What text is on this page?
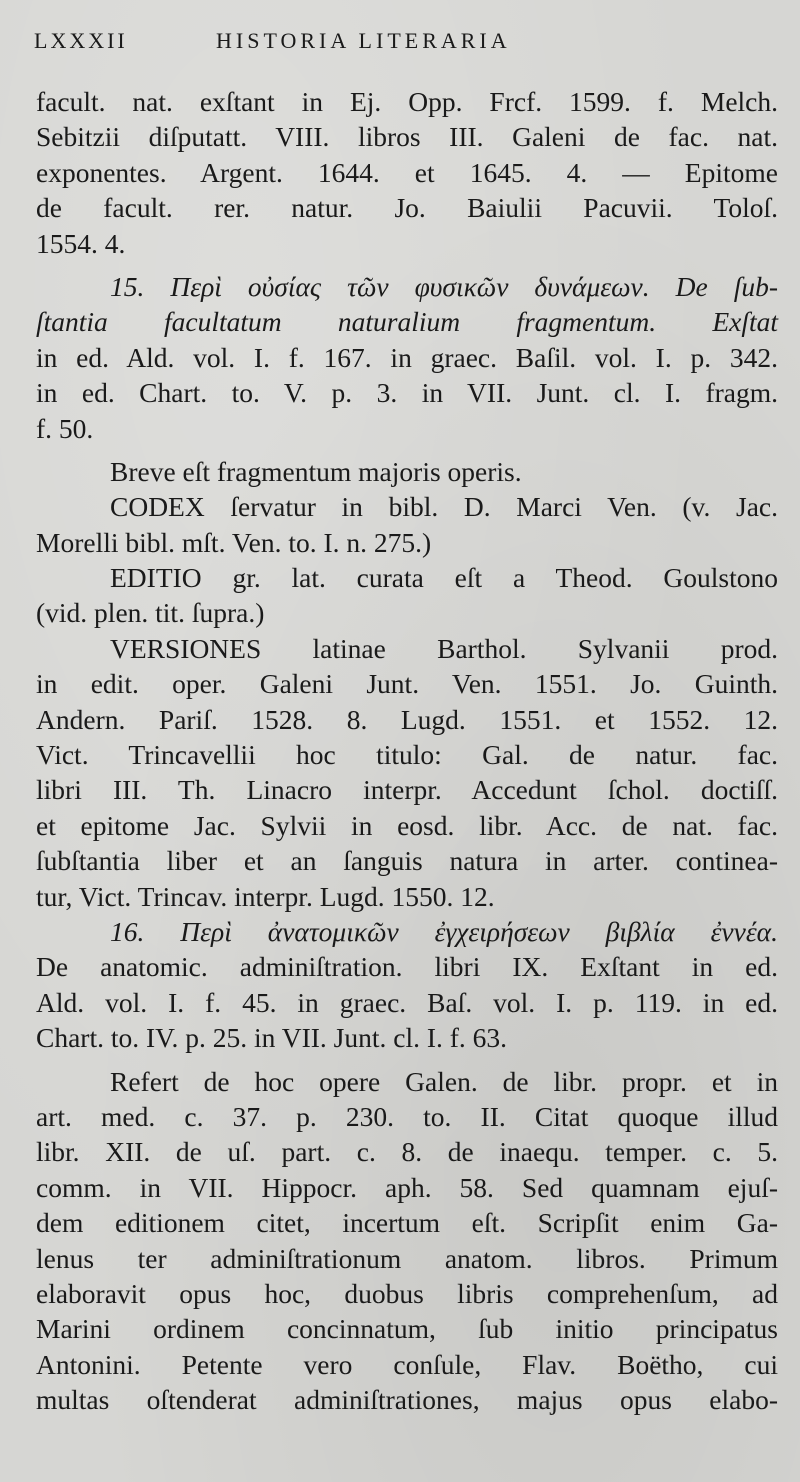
LXXXII	HISTORIA LITERARIA
facult. nat. exſtant in Ej. Opp. Frcf. 1599. f. Melch.
Sebitzii diſputatt. VIII. libros III. Galeni de fac. nat.
exponentes. Argent. 1644. et 1645. 4. — Epitome
de facult. rer. natur. Jo. Baiulii Pacuvii. Toloſ.
1554. 4.
15. Περὶ οὐσίας τῶν φυσικῶν δυνάμεων. De ſub-
ſtantia facultatum naturalium fragmentum. Exſtat
in ed. Ald. vol. I. f. 167. in graec. Baſil. vol. I. p. 342.
in ed. Chart. to. V. p. 3. in VII. Junt. cl. I. fragm.
f. 50.
Breve eſt fragmentum majoris operis.
CODEX ſervatur in bibl. D. Marci Ven. (v. Jac.
Morelli bibl. mſt. Ven. to. I. n. 275.)
EDITIO gr. lat. curata eſt a Theod. Goulstono
(vid. plen. tit. ſupra.)
VERSIONES latinae Barthol. Sylvanii prod.
in edit. oper. Galeni Junt. Ven. 1551. Jo. Guinth.
Andern. Pariſ. 1528. 8. Lugd. 1551. et 1552. 12.
Vict. Trincavellii hoc titulo: Gal. de natur. fac.
libri III. Th. Linacro interpr. Accedunt ſchol. doctiſſ.
et epitome Jac. Sylvii in eosd. libr. Acc. de nat. fac.
ſubſtantia liber et an ſanguis natura in arter. continea-
tur, Vict. Trincav. interpr. Lugd. 1550. 12.
16. Περὶ ἀνατομικῶν ἐγχειρήσεων βιβλία ἐννέα.
De anatomic. adminiſtration. libri IX. Exſtant in ed.
Ald. vol. I. f. 45. in graec. Baſ. vol. I. p. 119. in ed.
Chart. to. IV. p. 25. in VII. Junt. cl. I. f. 63.
Refert de hoc opere Galen. de libr. propr. et in
art. med. c. 37. p. 230. to. II. Citat quoque illud
libr. XII. de uſ. part. c. 8. de inaequ. temper. c. 5.
comm. in VII. Hippocr. aph. 58. Sed quamnam ejuſ-
dem editionem citet, incertum eſt. Scripſit enim Ga-
lenus ter adminiſtrationum anatom. libros. Primum
elaboravit opus hoc, duobus libris comprehenſum, ad
Marini ordinem concinnatum, ſub initio principatus
Antonini. Petente vero conſule, Flav. Boëtho, cui
multas oſtenderat adminiſtrationes, majus opus elabo-
